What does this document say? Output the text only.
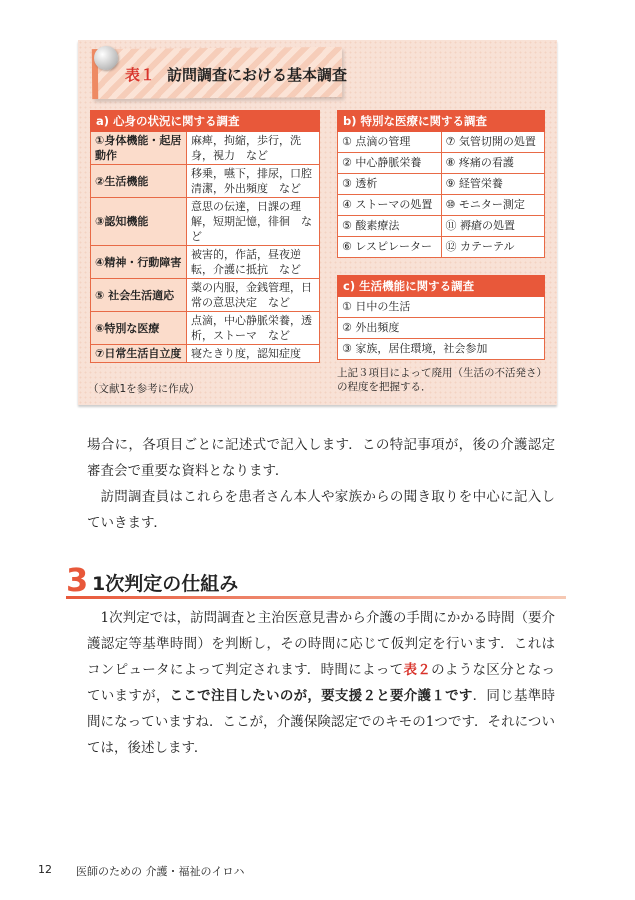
表１ 訪問調査における基本調査
a) 心身の状況に関する調査	
①身体機能・起居動作	麻痺，拘縮，歩行，洗身，視力　など
②生活機能	移乗，嚥下，排尿，口腔清潔，外出頻度　など
③認知機能	意思の伝達，日課の理解，短期記憶，徘徊　など
④精神・行動障害	被害的，作話，昼夜逆転，介護に抵抗　など
⑤ 社会生活適応	薬の内服，金銭管理，日常の意思決定　など
⑥特別な医療	点滴，中心静脈栄養，透析，ストーマ　など
⑦日常生活自立度	寝たきり度，認知症度
b) 特別な医療に関する調査	
① 点滴の管理	⑦ 気管切開の処置
② 中心静脈栄養	⑧ 疼痛の看護
③ 透析	⑨ 経管栄養
④ ストーマの処置	⑩ モニター測定
⑤ 酸素療法	⑪ 褥瘡の処置
⑥ レスピレーター	⑫ カテーテル
c) 生活機能に関する調査
① 日中の生活
② 外出頻度
③ 家族，居住環境，社会参加
上記３項目によって廃用（生活の不活発さ）の程度を把握する．
（文献1を参考に作成）
場合に，各項目ごとに記述式で記入します．この特記事項が，後の介護認定審査会で重要な資料となります．
訪問調査員はこれらを患者さん本人や家族からの聞き取りを中心に記入していきます．
3 1次判定の仕組み
1次判定では，訪問調査と主治医意見書から介護の手間にかかる時間（要介護認定等基準時間）を判断し，その時間に応じて仮判定を行います．これはコンピュータによって判定されます．時間によって表２のような区分となっていますが，ここで注目したいのが，要支援２と要介護１です．同じ基準時間になっていますね．ここが，介護保険認定でのキモの1つです．それについては，後述します．
12 医師のための 介護・福祉のイロハ
